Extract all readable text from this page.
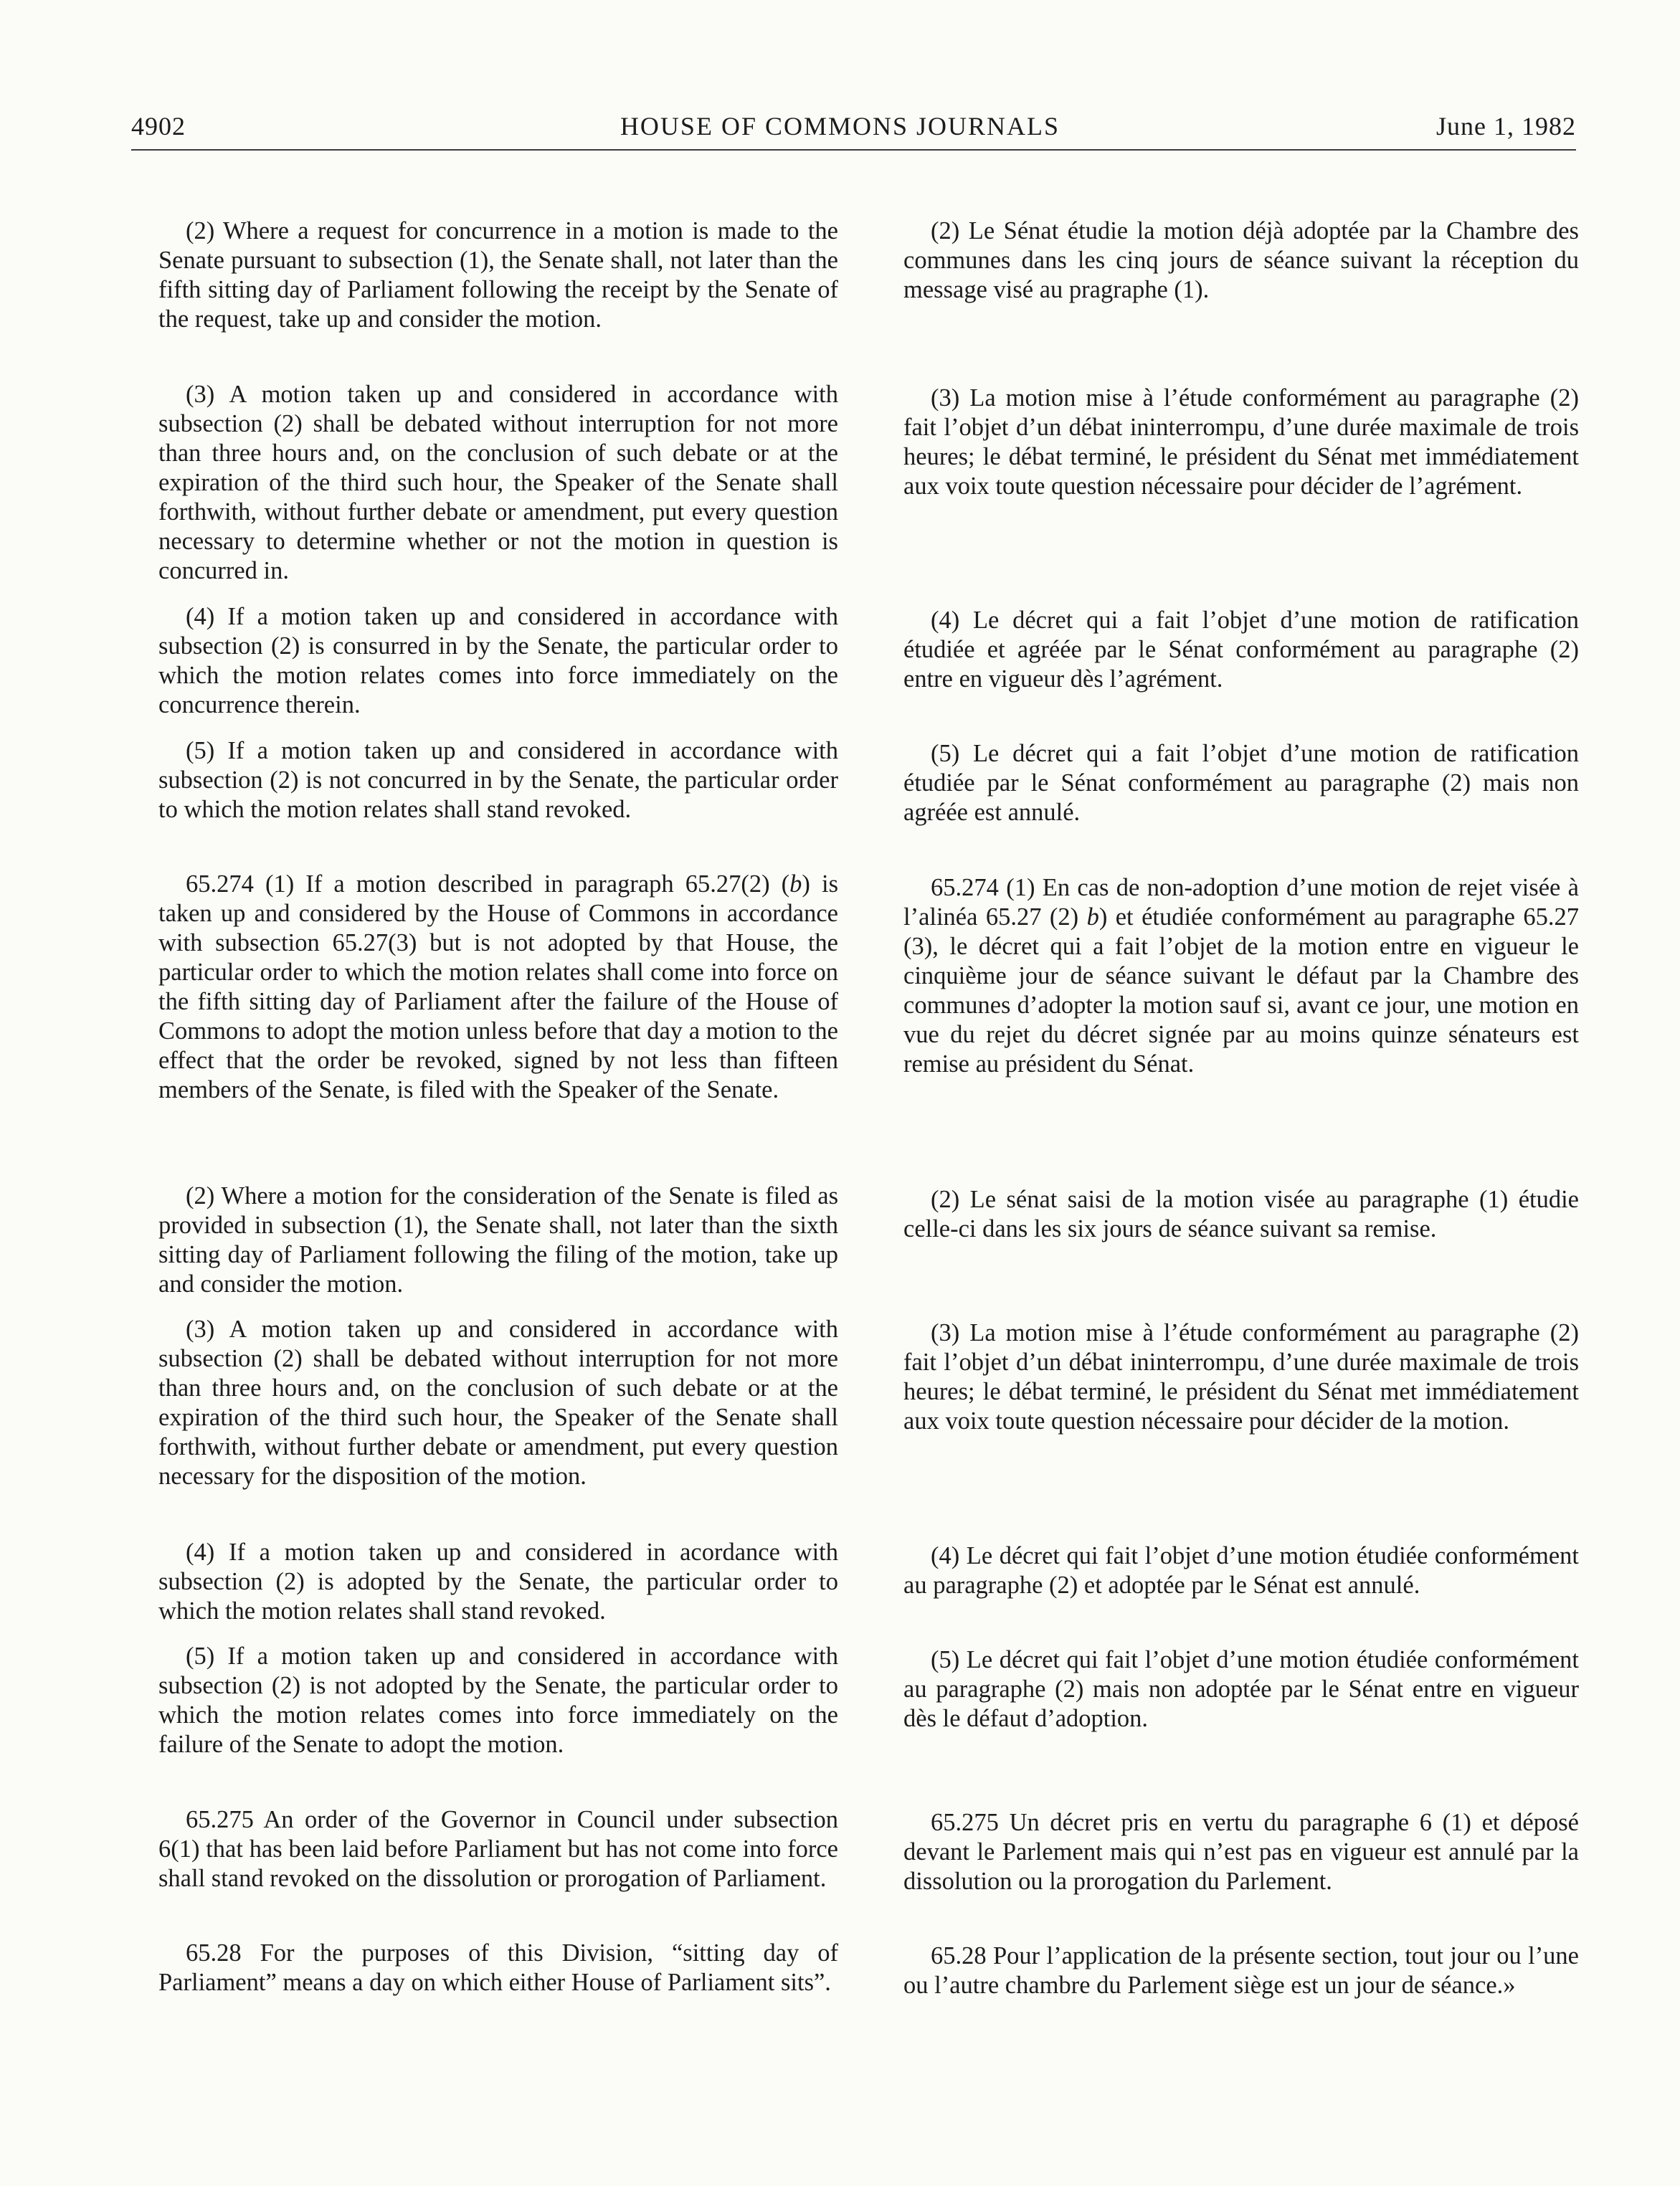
4902	HOUSE OF COMMONS JOURNALS	June 1, 1982

(2) Where a request for concurrence in a motion is made to the Senate pursuant to subsection (1), the Senate shall, not later than the fifth sitting day of Parliament following the receipt by the Senate of the request, take up and consider the motion.

(3) A motion taken up and considered in accordance with subsection (2) shall be debated without interruption for not more than three hours and, on the conclusion of such debate or at the expiration of the third such hour, the Speaker of the Senate shall forthwith, without further debate or amendment, put every question necessary to determine whether or not the motion in question is concurred in.

(4) If a motion taken up and considered in accordance with subsection (2) is consurred in by the Senate, the particular order to which the motion relates comes into force immediately on the concurrence therein.

(5) If a motion taken up and considered in accordance with subsection (2) is not concurred in by the Senate, the particular order to which the motion relates shall stand revoked.

65.274 (1) If a motion described in paragraph 65.27(2) (b) is taken up and considered by the House of Commons in accordance with subsection 65.27(3) but is not adopted by that House, the particular order to which the motion relates shall come into force on the fifth sitting day of Parliament after the failure of the House of Commons to adopt the motion unless before that day a motion to the effect that the order be revoked, signed by not less than fifteen members of the Senate, is filed with the Speaker of the Senate.

(2) Where a motion for the consideration of the Senate is filed as provided in subsection (1), the Senate shall, not later than the sixth sitting day of Parliament following the filing of the motion, take up and consider the motion.

(3) A motion taken up and considered in accordance with subsection (2) shall be debated without interruption for not more than three hours and, on the conclusion of such debate or at the expiration of the third such hour, the Speaker of the Senate shall forthwith, without further debate or amendment, put every question necessary for the disposition of the motion.

(4) If a motion taken up and considered in acordance with subsection (2) is adopted by the Senate, the particular order to which the motion relates shall stand revoked.

(5) If a motion taken up and considered in accordance with subsection (2) is not adopted by the Senate, the particular order to which the motion relates comes into force immediately on the failure of the Senate to adopt the motion.

65.275 An order of the Governor in Council under subsection 6(1) that has been laid before Parliament but has not come into force shall stand revoked on the dissolution or prorogation of Parliament.

65.28 For the purposes of this Division, “sitting day of Parliament” means a day on which either House of Parliament sits”.

(2) Le Sénat étudie la motion déjà adoptée par la Chambre des communes dans les cinq jours de séance suivant la réception du message visé au pragraphe (1).

(3) La motion mise à l’étude conformément au paragraphe (2) fait l’objet d’un débat ininterrompu, d’une durée maximale de trois heures; le débat terminé, le président du Sénat met immédiatement aux voix toute question nécessaire pour décider de l’agrément.

(4) Le décret qui a fait l’objet d’une motion de ratification étudiée et agréée par le Sénat conformément au paragraphe (2) entre en vigueur dès l’agrément.

(5) Le décret qui a fait l’objet d’une motion de ratification étudiée par le Sénat conformément au paragraphe (2) mais non agréée est annulé.

65.274 (1) En cas de non-adoption d’une motion de rejet visée à l’alinéa 65.27 (2) b) et étudiée conformément au paragraphe 65.27 (3), le décret qui a fait l’objet de la motion entre en vigueur le cinquième jour de séance suivant le défaut par la Chambre des communes d’adopter la motion sauf si, avant ce jour, une motion en vue du rejet du décret signée par au moins quinze sénateurs est remise au président du Sénat.

(2) Le sénat saisi de la motion visée au paragraphe (1) étudie celle-ci dans les six jours de séance suivant sa remise.

(3) La motion mise à l’étude conformément au paragraphe (2) fait l’objet d’un débat ininterrompu, d’une durée maximale de trois heures; le débat terminé, le président du Sénat met immédiatement aux voix toute question nécessaire pour décider de la motion.

(4) Le décret qui fait l’objet d’une motion étudiée conformément au paragraphe (2) et adoptée par le Sénat est annulé.

(5) Le décret qui fait l’objet d’une motion étudiée conformément au paragraphe (2) mais non adoptée par le Sénat entre en vigueur dès le défaut d’adoption.

65.275 Un décret pris en vertu du paragraphe 6 (1) et déposé devant le Parlement mais qui n’est pas en vigueur est annulé par la dissolution ou la prorogation du Parlement.

65.28 Pour l’application de la présente section, tout jour ou l’une ou l’autre chambre du Parlement siège est un jour de séance.»
